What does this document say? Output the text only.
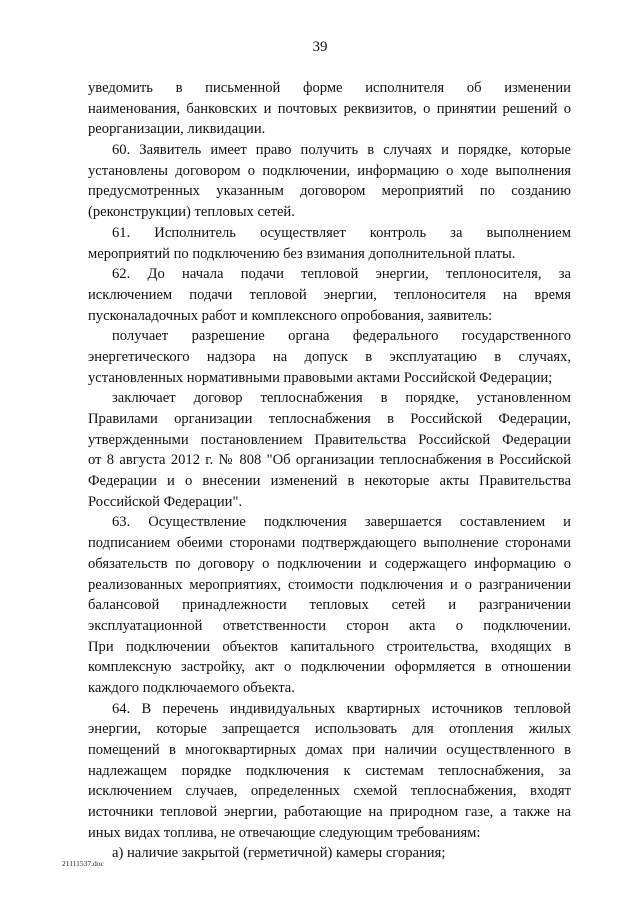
39
уведомить в письменной форме исполнителя об изменении
наименования, банковских и почтовых реквизитов, о принятии решений о
реорганизации, ликвидации.
60. Заявитель имеет право получить в случаях и порядке, которые
установлены договором о подключении, информацию о ходе выполнения
предусмотренных указанным договором мероприятий по созданию
(реконструкции) тепловых сетей.
61. Исполнитель осуществляет контроль за выполнением
мероприятий по подключению без взимания дополнительной платы.
62. До начала подачи тепловой энергии, теплоносителя, за
исключением подачи тепловой энергии, теплоносителя на время
пусконаладочных работ и комплексного опробования, заявитель:
получает разрешение органа федерального государственного
энергетического надзора на допуск в эксплуатацию в случаях,
установленных нормативными правовыми актами Российской Федерации;
заключает договор теплоснабжения в порядке, установленном
Правилами организации теплоснабжения в Российской Федерации,
утвержденными постановлением Правительства Российской Федерации
от 8 августа 2012 г. № 808 "Об организации теплоснабжения в Российской
Федерации и о внесении изменений в некоторые акты Правительства
Российской Федерации".
63. Осуществление подключения завершается составлением и
подписанием обеими сторонами подтверждающего выполнение сторонами
обязательств по договору о подключении и содержащего информацию о
реализованных мероприятиях, стоимости подключения и о разграничении
балансовой принадлежности тепловых сетей и разграничении
эксплуатационной ответственности сторон акта о подключении.
При подключении объектов капитального строительства, входящих в
комплексную застройку, акт о подключении оформляется в отношении
каждого подключаемого объекта.
64. В перечень индивидуальных квартирных источников тепловой
энергии, которые запрещается использовать для отопления жилых
помещений в многоквартирных домах при наличии осуществленного в
надлежащем порядке подключения к системам теплоснабжения, за
исключением случаев, определенных схемой теплоснабжения, входят
источники тепловой энергии, работающие на природном газе, а также на
иных видах топлива, не отвечающие следующим требованиям:
а) наличие закрытой (герметичной) камеры сгорания;
21111537.doc
